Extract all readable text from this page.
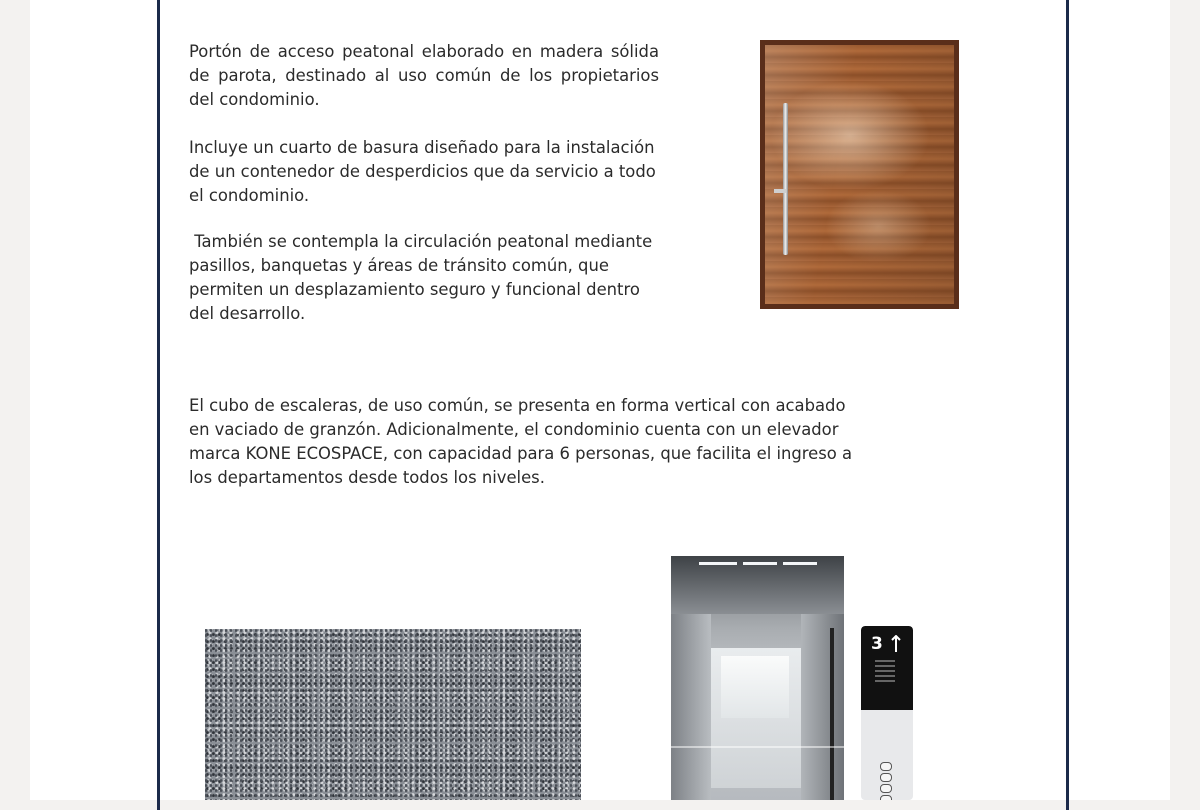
Portón de acceso peatonal elaborado en madera sólida de parota, destinado al uso común de los propietarios del condominio.

Incluye un cuarto de basura diseñado para la instalación de un contenedor de desperdicios que da servicio a todo el condominio.

También se contempla la circulación peatonal mediante pasillos, banquetas y áreas de tránsito común, que permiten un desplazamiento seguro y funcional dentro del desarrollo.

El cubo de escaleras, de uso común, se presenta en forma vertical con acabado en vaciado de granzón. Adicionalmente, el condominio cuenta con un elevador marca KONE ECOSPACE, con capacidad para 6 personas, que facilita el ingreso a los departamentos desde todos los niveles.

3
